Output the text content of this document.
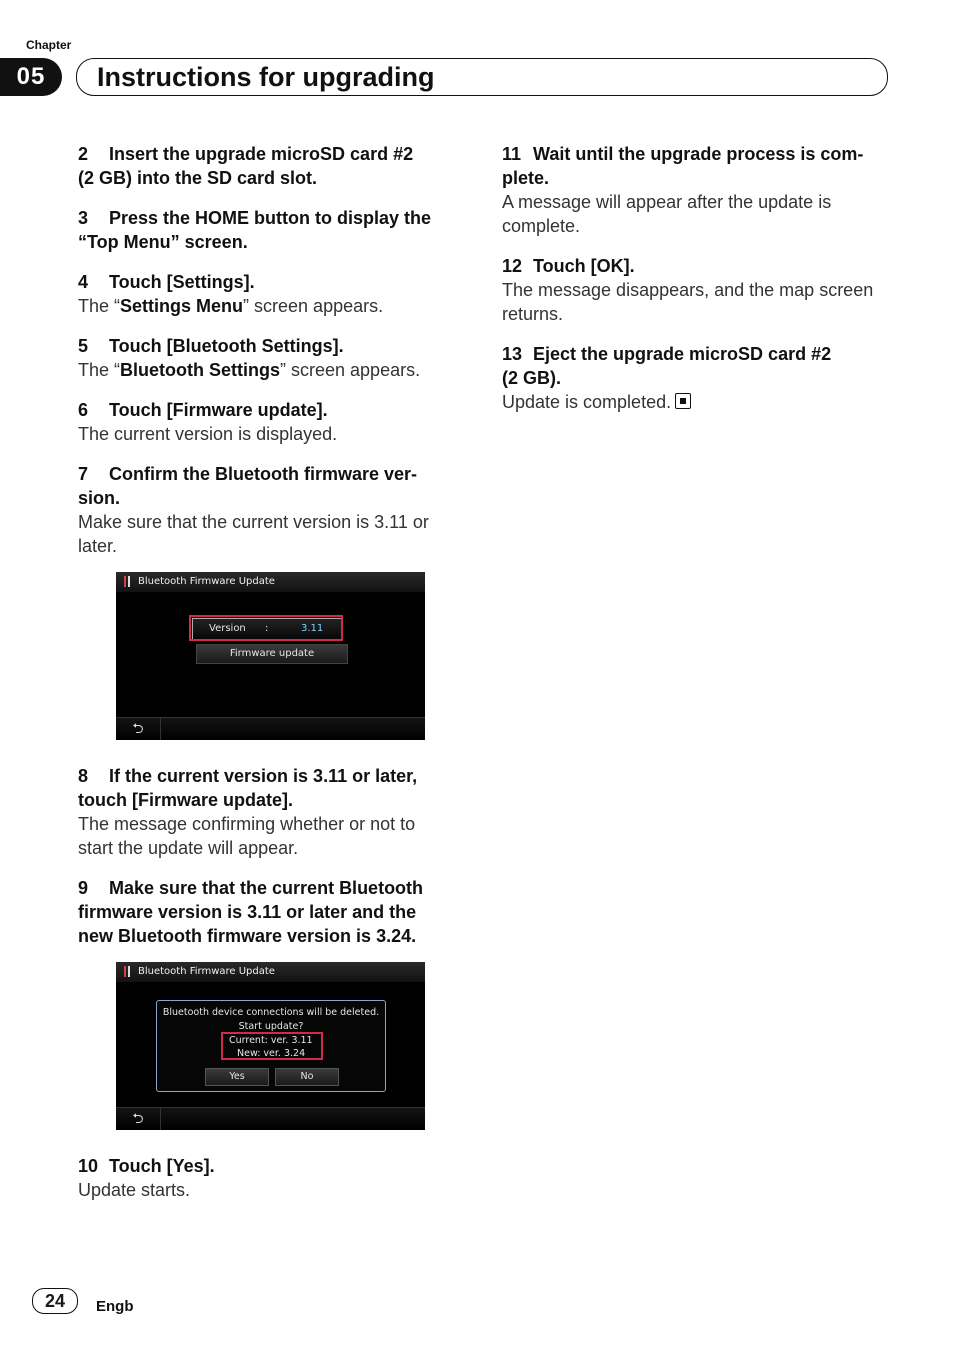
Chapter
05	Instructions for upgrading
2 Insert the upgrade microSD card #2 (2 GB) into the SD card slot.
3 Press the HOME button to display the “Top Menu” screen.
4 Touch [Settings].
The “Settings Menu” screen appears.
5 Touch [Bluetooth Settings].
The “Bluetooth Settings” screen appears.
6 Touch [Firmware update].
The current version is displayed.
7 Confirm the Bluetooth firmware ver-sion.
Make sure that the current version is 3.11 or later.
Bluetooth Firmware Update
Version :	3.11
Firmware update
⮌
8 If the current version is 3.11 or later, touch [Firmware update].
The message confirming whether or not to start the update will appear.
9 Make sure that the current Bluetooth firmware version is 3.11 or later and the new Bluetooth firmware version is 3.24.
Bluetooth Firmware Update
Bluetooth device connections will be deleted.
Start update?
Current: ver. 3.11
New: ver. 3.24
Yes	No
⮌
10 Touch [Yes].
Update starts.
11 Wait until the upgrade process is com-plete.
A message will appear after the update is complete.
12 Touch [OK].
The message disappears, and the map screen returns.
13 Eject the upgrade microSD card #2 (2 GB).
Update is completed.
24	Engb
